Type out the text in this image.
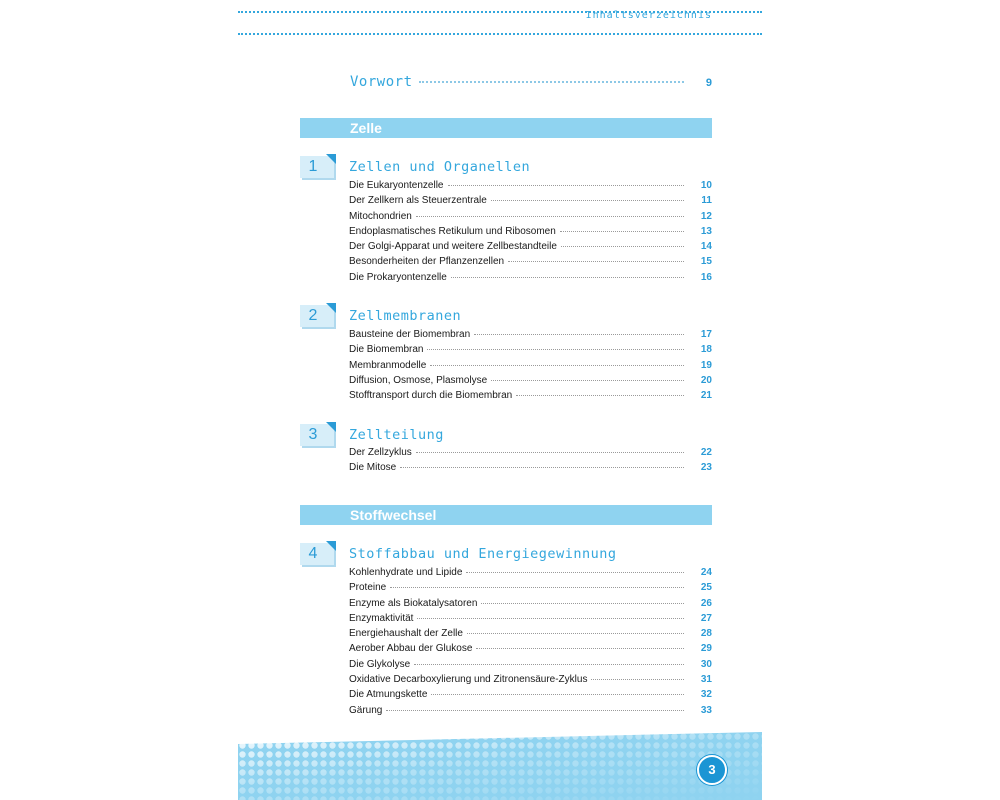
Inhaltsverzeichnis
Vorwort	9
Zelle
1	Zellen und Organellen
Die Eukaryontenzelle	10
Der Zellkern als Steuerzentrale	11
Mitochondrien	12
Endoplasmatisches Retikulum und Ribosomen	13
Der Golgi-Apparat und weitere Zellbestandteile	14
Besonderheiten der Pflanzenzellen	15
Die Prokaryontenzelle	16
2	Zellmembranen
Bausteine der Biomembran	17
Die Biomembran	18
Membranmodelle	19
Diffusion, Osmose, Plasmolyse	20
Stofftransport durch die Biomembran	21
3	Zellteilung
Der Zellzyklus	22
Die Mitose	23
Stoffwechsel
4	Stoffabbau und Energiegewinnung
Kohlenhydrate und Lipide	24
Proteine	25
Enzyme als Biokatalysatoren	26
Enzymaktivität	27
Energiehaushalt der Zelle	28
Aerober Abbau der Glukose	29
Die Glykolyse	30
Oxidative Decarboxylierung und Zitronensäure-Zyklus	31
Die Atmungskette	32
Gärung	33
3
